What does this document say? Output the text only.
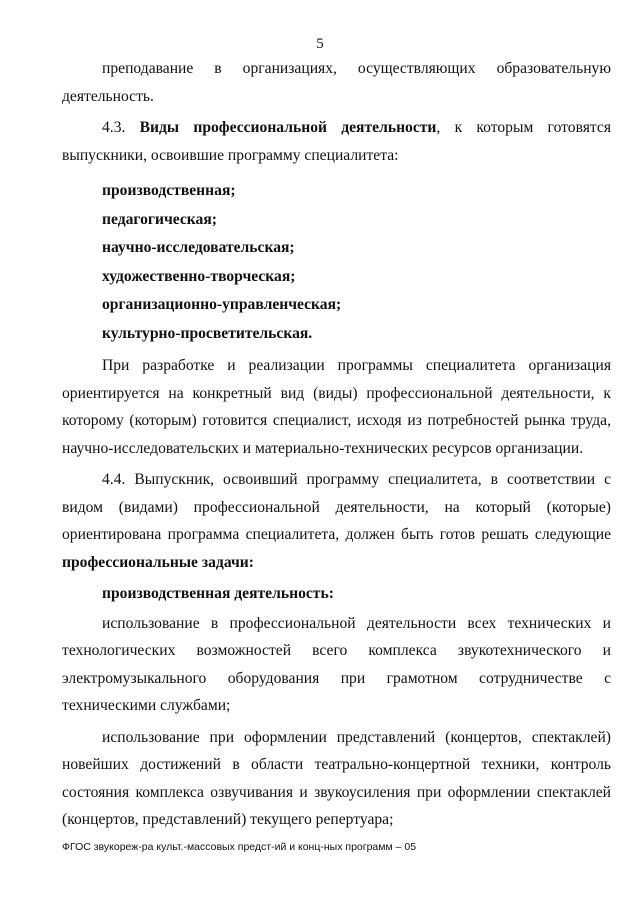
5

преподавание в организациях, осуществляющих образовательную деятельность.

4.3. Виды профессиональной деятельности, к которым готовятся выпускники, освоившие программу специалитета:

производственная;

педагогическая;

научно-исследовательская;

художественно-творческая;

организационно-управленческая;

культурно-просветительская.

При разработке и реализации программы специалитета организация ориентируется на конкретный вид (виды) профессиональной деятельности, к которому (которым) готовится специалист, исходя из потребностей рынка труда, научно-исследовательских и материально-технических ресурсов организации.

4.4. Выпускник, освоивший программу специалитета, в соответствии с видом (видами) профессиональной деятельности, на который (которые) ориентирована программа специалитета, должен быть готов решать следующие профессиональные задачи:

производственная деятельность:

использование в профессиональной деятельности всех технических и технологических возможностей всего комплекса звукотехнического и электромузыкального оборудования при грамотном сотрудничестве с техническими службами;

использование при оформлении представлений (концертов, спектаклей) новейших достижений в области театрально-концертной техники, контроль состояния комплекса озвучивания и звукоусиления при оформлении спектаклей (концертов, представлений) текущего репертуара;

ФГОС звукореж-ра культ.-массовых предст-ий и конц-ных программ – 05
